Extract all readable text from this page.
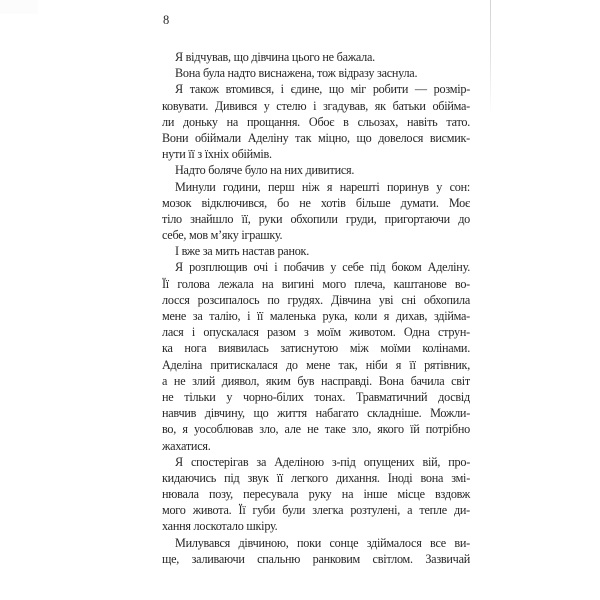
8
Я відчував, що дівчина цього не бажала.
Вона була надто виснажена, тож відразу заснула.
Я також втомився, і єдине, що міг робити — розмір-
ковувати. Дивився у стелю і згадував, як батьки обійма-
ли доньку на прощання. Обоє в сльозах, навіть тато.
Вони обіймали Аделіну так міцно, що довелося висмик-
нути її з їхніх обіймів.
Надто боляче було на них дивитися.
Минули години, перш ніж я нарешті поринув у сон:
мозок відключився, бо не хотів більше думати. Моє
тіло знайшло її, руки обхопили груди, пригортаючи до
себе, мов м’яку іграшку.
І вже за мить настав ранок.
Я розплющив очі і побачив у себе під боком Аделіну.
Її голова лежала на вигині мого плеча, каштанове во-
лосся розсипалось по грудях. Дівчина уві сні обхопила
мене за талію, і її маленька рука, коли я дихав, здійма-
лася і опускалася разом з моїм животом. Одна струн-
ка нога виявилась затиснутою між моїми колінами.
Аделіна притискалася до мене так, ніби я її рятівник,
а не злий диявол, яким був насправді. Вона бачила світ
не тільки у чорно-білих тонах. Травматичний досвід
навчив дівчину, що життя набагато складніше. Можли-
во, я уособлював зло, але не таке зло, якого їй потрібно
жахатися.
Я спостерігав за Аделіною з-під опущених вій, про-
кидаючись під звук її легкого дихання. Іноді вона змі-
нювала позу, пересувала руку на інше місце вздовж
мого живота. Її губи були злегка розтулені, а тепле ди-
хання лоскотало шкіру.
Милувався дівчиною, поки сонце здіймалося все ви-
ще, заливаючи спальню ранковим світлом. Зазвичай
